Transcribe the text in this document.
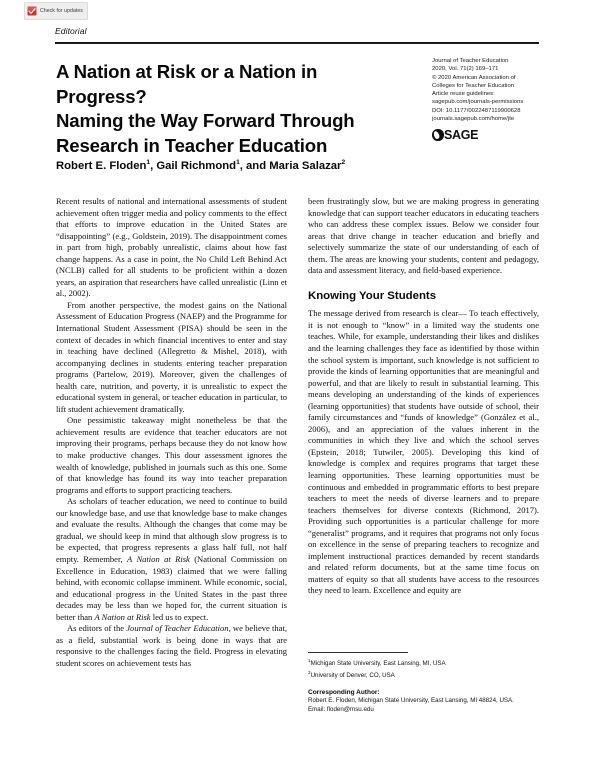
Check for updates
Editorial
Journal of Teacher Education
2020, Vol. 71(2) 169–171
© 2020 American Association of
Colleges for Teacher Education
Article reuse guidelines:
sagepub.com/journals-permissions
DOI: 10.1177/0022487119900628
journals.sagepub.com/home/jte
SAGE
A Nation at Risk or a Nation in Progress?
Naming the Way Forward Through
Research in Teacher Education
Robert E. Floden$^1$, Gail Richmond$^1$, and Maria Salazar$^2$

Recent results of national and international assessments of student achievement often trigger media and policy comments to the effect that efforts to improve education in the United States are “disappointing” (e.g., Goldstein, 2019). The disappointment comes in part from high, probably unrealistic, claims about how fast change happens. As a case in point, the No Child Left Behind Act (NCLB) called for all students to be proficient within a dozen years, an aspiration that researchers have called unrealistic (Linn et al., 2002).

From another perspective, the modest gains on the National Assessment of Education Progress (NAEP) and the Programme for International Student Assessment (PISA) should be seen in the context of decades in which financial incentives to enter and stay in teaching have declined (Allegretto & Mishel, 2018), with accompanying declines in students entering teacher preparation programs (Partelow, 2019). Moreover, given the challenges of health care, nutrition, and poverty, it is unrealistic to expect the educational system in general, or teacher education in particular, to lift student achievement dramatically.

One pessimistic takeaway might nonetheless be that the achievement results are evidence that teacher educators are not improving their programs, perhaps because they do not know how to make productive changes. This dour assessment ignores the wealth of knowledge, published in journals such as this one. Some of that knowledge has found its way into teacher preparation programs and efforts to support practicing teachers.

As scholars of teacher education, we need to continue to build our knowledge base, and use that knowledge base to make changes and evaluate the results. Although the changes that come may be gradual, we should keep in mind that although slow progress is to be expected, that progress represents a glass half full, not half empty. Remember, A Nation at Risk (National Commission on Excellence in Education, 1983) claimed that we were falling behind, with economic collapse imminent. While economic, social, and educational progress in the United States in the past three decades may be less than we hoped for, the current situation is better than A Nation at Risk led us to expect.

As editors of the Journal of Teacher Education, we believe that, as a field, substantial work is being done in ways that are responsive to the challenges facing the field. Progress in elevating student scores on achievement tests has

been frustratingly slow, but we are making progress in generating knowledge that can support teacher educators in educating teachers who can address these complex issues. Below we consider four areas that drive change in teacher education and briefly and selectively summarize the state of our understanding of each of them. The areas are knowing your students, content and pedagogy, data and assessment literacy, and field-based experience.

Knowing Your Students

The message derived from research is clear— To teach effectively, it is not enough to “know” in a limited way the students one teaches. While, for example, understanding their likes and dislikes and the learning challenges they face as identified by those within the school system is important, such knowledge is not sufficient to provide the kinds of learning opportunities that are meaningful and powerful, and that are likely to result in substantial learning. This means developing an understanding of the kinds of experiences (learning opportunities) that students have outside of school, their family circumstances and “funds of knowledge” (González et al., 2006), and an appreciation of the values inherent in the communities in which they live and which the school serves (Epstein, 2018; Tutwiler, 2005). Developing this kind of knowledge is complex and requires programs that target these learning opportunities. These learning opportunities must be continuous and embedded in programmatic efforts to best prepare teachers to meet the needs of diverse learners and to prepare teachers themselves for diverse contexts (Richmond, 2017). Providing such opportunities is a particular challenge for more “generalist” programs, and it requires that programs not only focus on excellence in the sense of preparing teachers to recognize and implement instructional practices demanded by recent standards and related reform documents, but at the same time focus on matters of equity so that all students have access to the resources they need to learn. Excellence and equity are

$^1$Michigan State University, East Lansing, MI, USA
$^2$University of Denver, CO, USA
Corresponding Author:
Robert E. Floden, Michigan State University, East Lansing, MI 48824, USA.
Email: floden@msu.edu
